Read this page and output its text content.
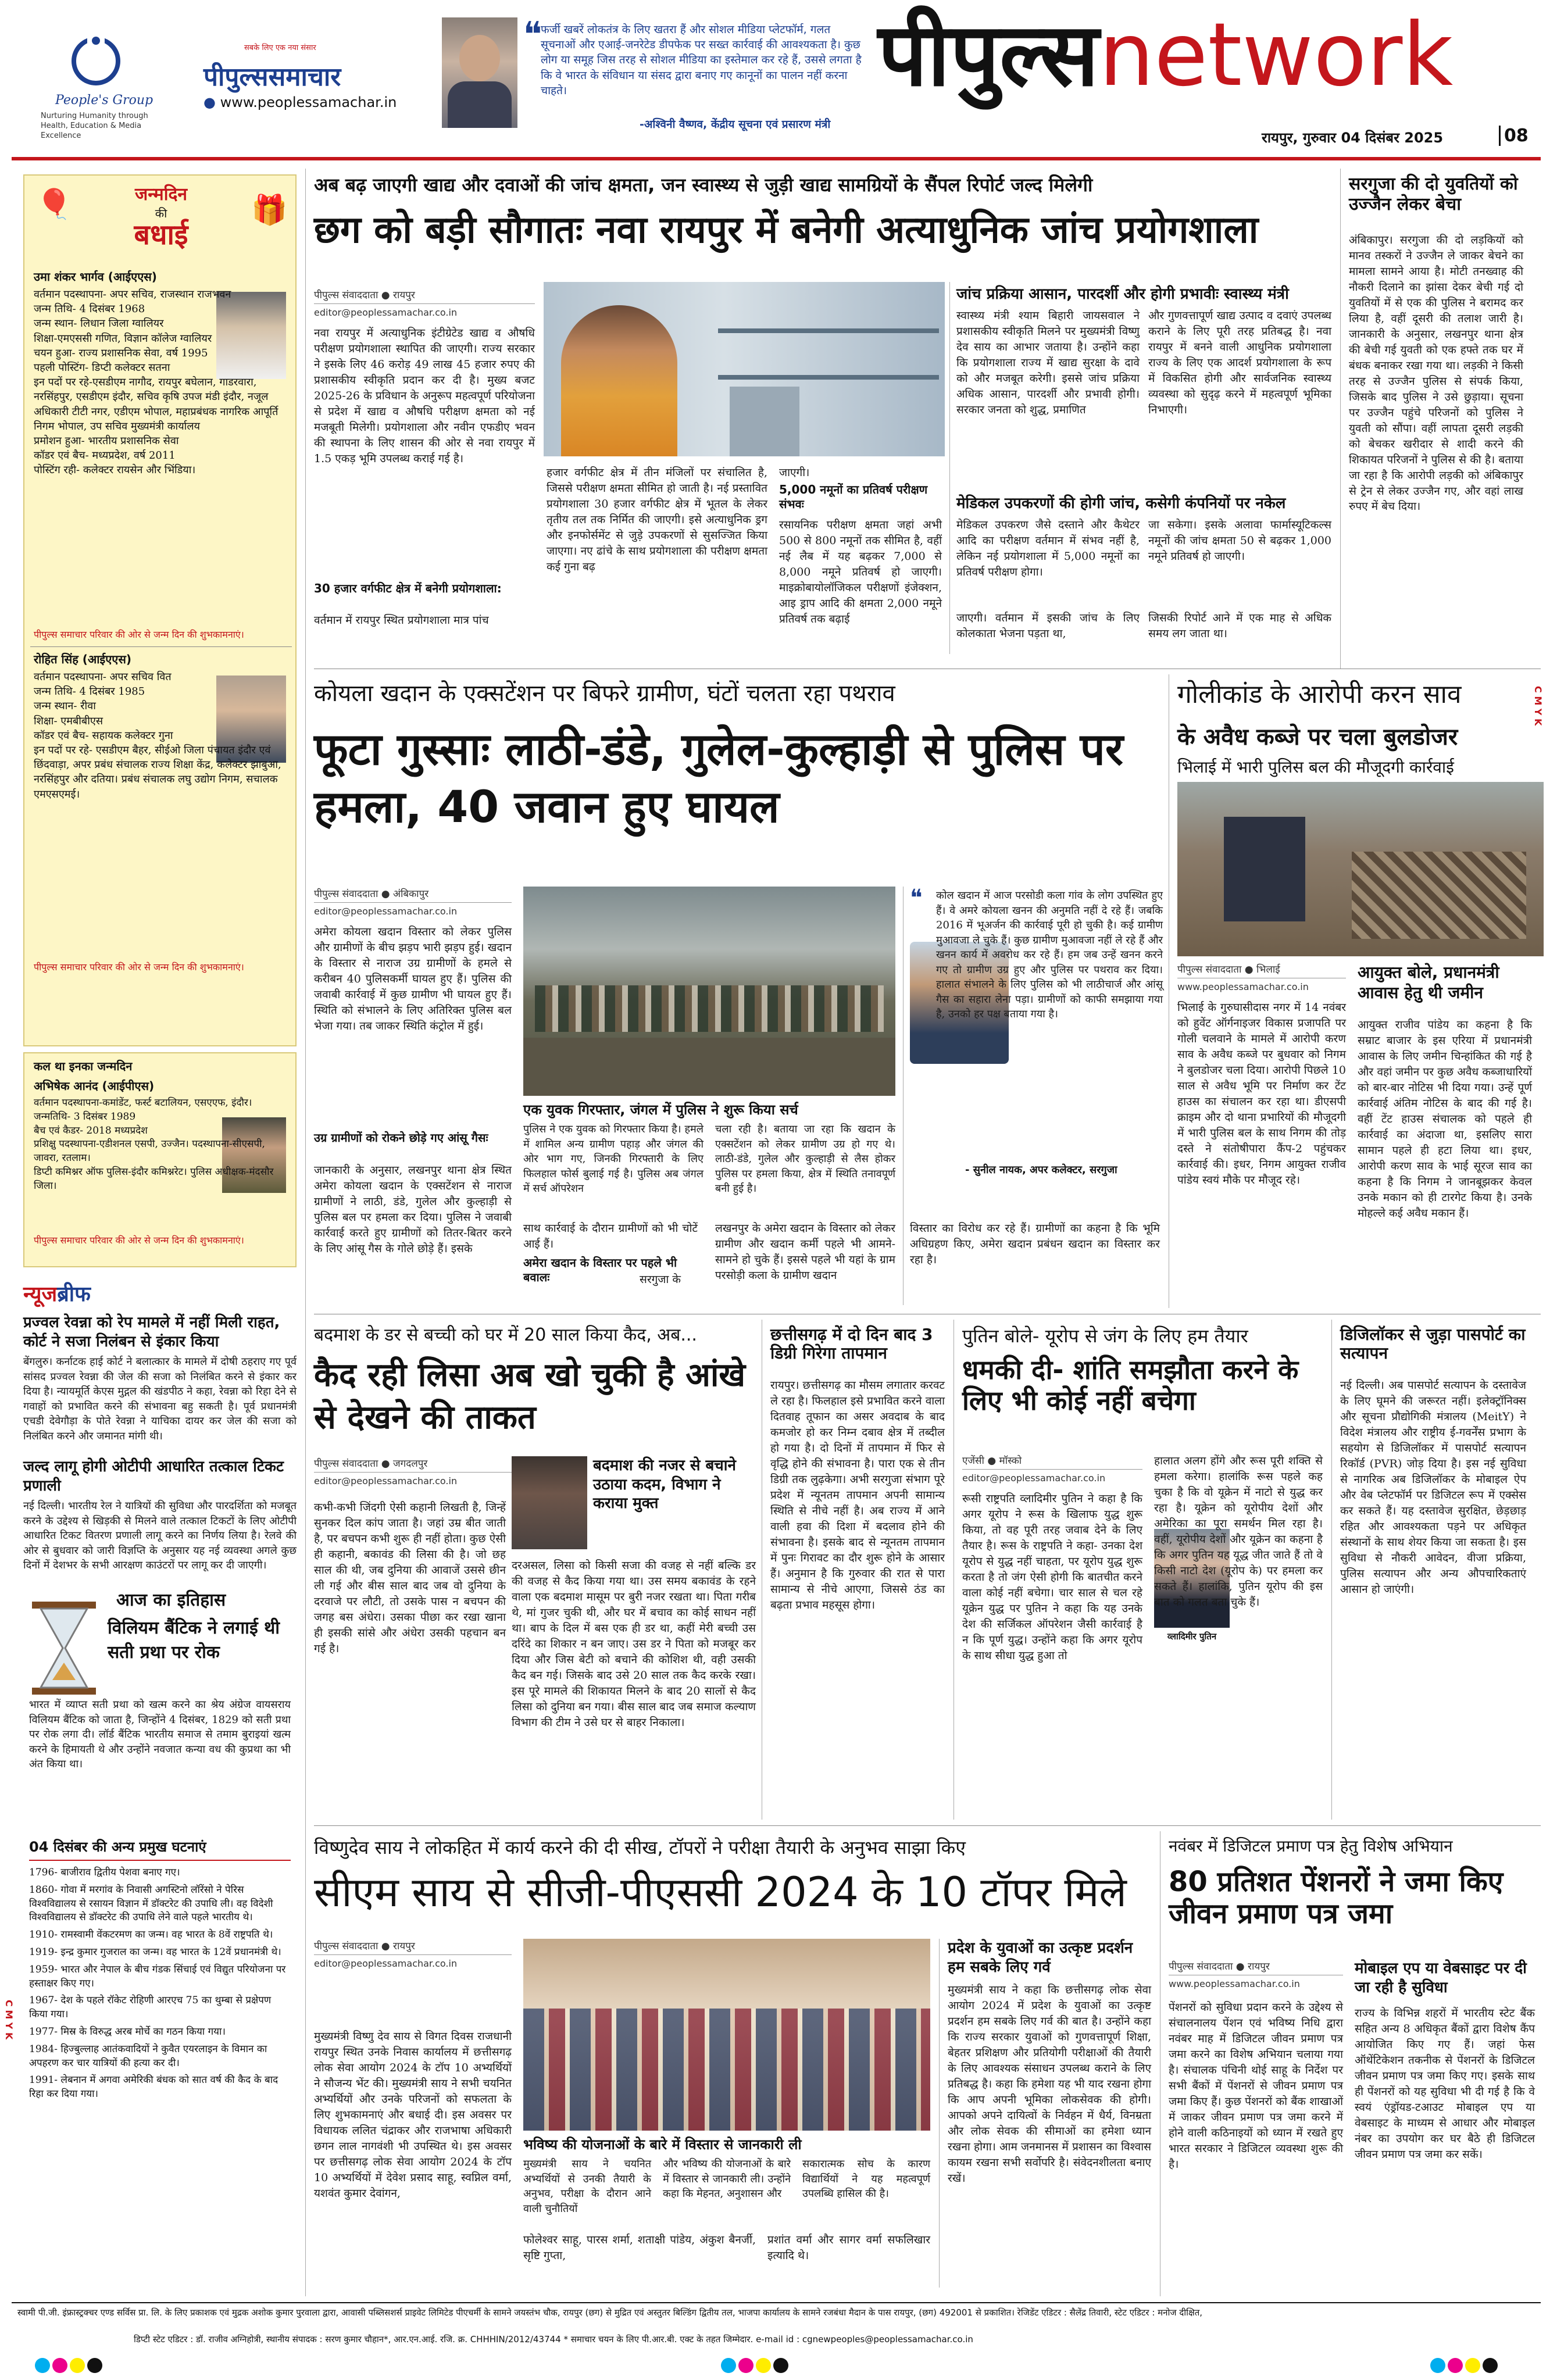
People's Group
Nurturing Humanity through Health, Education & Media Excellence
सबके लिए एक नया संसार
पीपुल्ससमाचार
● www.peoplessamachar.in
❝
फर्जी खबरें लोकतंत्र के लिए खतरा हैं और सोशल मीडिया प्लेटफॉर्म, गलत सूचनाओं और एआई-जनरेटेड डीपफेक पर सख्त कार्रवाई की आवश्यकता है। कुछ लोग या समूह जिस तरह से सोशल मीडिया का इस्तेमाल कर रहे हैं, उससे लगता है कि वे भारत के संविधान या संसद द्वारा बनाए गए कानूनों का पालन नहीं करना चाहते।
-अश्विनी वैष्णव, केंद्रीय सूचना एवं प्रसारण मंत्री
पीपुल्सnetwork
रायपुर, गुरुवार 04 दिसंबर 2025	08
जन्मदिन
की
बधाई
🎈	🎁
उमा शंकर भार्गव (आईएएस)
वर्तमान पदस्थापना- अपर सचिव, राजस्थान राजभवन
जन्म तिथि- 4 दिसंबर 1968
जन्म स्थान- लिधान जिला ग्वालियर
शिक्षा-एमएससी गणित, विज्ञान कॉलेज ग्वालियर
चयन हुआ- राज्य प्रशासनिक सेवा, वर्ष 1995
पहली पोस्टिंग- डिप्टी कलेक्टर सतना
इन पदों पर रहे-एसडीएम नागौद, रायपुर बघेलान, गाडरवारा, नरसिंहपुर, एसडीएम इंदौर, सचिव कृषि उपज मंडी इंदौर, नजूल अधिकारी टीटी नगर, एडीएम भोपाल, महाप्रबंधक नागरिक आपूर्ति निगम भोपाल, उप सचिव मुख्यमंत्री कार्यालय
प्रमोशन हुआ- भारतीय प्रशासनिक सेवा
कॉडर एवं बैच- मध्यप्रदेश, वर्ष 2011
पोस्टिंग रही- कलेक्टर रायसेन और भिंडिया।
पीपुल्स समाचार परिवार की ओर से जन्म दिन की शुभकामनाएं।
रोहित सिंह (आईएएस)
वर्तमान पदस्थापना- अपर सचिव वित
जन्म तिथि- 4 दिसंबर 1985
जन्म स्थान- रीवा
शिक्षा- एमबीबीएस
कॉडर एवं बैच- सहायक कलेक्टर गुना
इन पदों पर रहे- एसडीएम बैहर, सीईओ जिला पंचायत इंदौर एवं छिंदवाड़ा, अपर प्रबंध संचालक राज्य शिक्षा केंद्र, कलेक्टर झाबुआ, नरसिंहपुर और दतिया। प्रबंध संचालक लघु उद्योग निगम, सचालक एमएसएमई।
पीपुल्स समाचार परिवार की ओर से जन्म दिन की शुभकामनाएं।
कल था इनका जन्मदिन
अभिषेक आनंद (आईपीएस)
वर्तमान पदस्थापना-कमांडेंट, फर्स्ट बटालियन, एसएएफ, इंदौर।
जन्मतिथि- 3 दिसंबर 1989
बैच एवं कैडर- 2018 मध्यप्रदेश
प्रशिक्षु पदस्थापना-एडीशनल एसपी, उज्जैन। पदस्थापना-सीएसपी, जावरा, रतलाम।
डिप्टी कमिश्नर ऑफ पुलिस-इंदौर कमिश्नरेट। पुलिस अधीक्षक-मंदसौर जिला।
पीपुल्स समाचार परिवार की ओर से जन्म दिन की शुभकामनाएं।
न्यूजब्रीफ
प्रज्वल रेवन्ना को रेप मामले में नहीं मिली राहत, कोर्ट ने सजा निलंबन से इंकार किया
बेंगलुरु। कर्नाटक हाई कोर्ट ने बलात्कार के मामले में दोषी ठहराए गए पूर्व सांसद प्रज्वल रेवन्ना की जेल की सजा को निलंबित करने से इंकार कर दिया है। न्यायमूर्ति केएस मुद्गल की खंडपीठ ने कहा, रेवन्ना को रिहा देने से गवाहों को प्रभावित करने की संभावना बहु सकती है। पूर्व प्रधानमंत्री एचडी देवेगौड़ा के पोते रेवन्ना ने याचिका दायर कर जेल की सजा को निलंबित करने और जमानत मांगी थी।
जल्द लागू होगी ओटीपी आधारित तत्काल टिकट प्रणाली
नई दिल्ली। भारतीय रेल ने यात्रियों की सुविधा और पारदर्शिता को मजबूत करने के उद्देश्य से खिड़की से मिलने वाले तत्काल टिकटों के लिए ओटीपी आधारित टिकट वितरण प्रणाली लागू करने का निर्णय लिया है। रेलवे की ओर से बुधवार को जारी विज्ञप्ति के अनुसार यह नई व्यवस्था अगले कुछ दिनों में देशभर के सभी आरक्षण काउंटरों पर लागू कर दी जाएगी।
आज का इतिहास
विलियम बैंटिक ने लगाई थी सती प्रथा पर रोक
भारत में व्याप्त सती प्रथा को खत्म करने का श्रेय अंग्रेज वायसराय विलियम बैंटिक को जाता है, जिन्होंने 4 दिसंबर, 1829 को सती प्रथा पर रोक लगा दी। लॉर्ड बैंटिक भारतीय समाज से तमाम बुराइयां खत्म करने के हिमायती थे और उन्होंने नवजात कन्या वध की कुप्रथा का भी अंत किया था।
04 दिसंबर की अन्य प्रमुख घटनाएं
1796- बाजीराव द्वितीय पेशवा बनाए गए।
1860- गोवा में मरगांव के निवासी अगस्टिनो लॉरेंसो ने पेरिस विश्वविद्यालय से रसायन विज्ञान में डॉक्टरेट की उपाधि ली। वह विदेशी विश्वविद्यालय से डॉक्टरेट की उपाधि लेने वाले पहले भारतीय थे।
1910- रामस्वामी वेंकटरमण का जन्म। वह भारत के 8वें राष्ट्रपति थे।
1919- इन्द्र कुमार गुजराल का जन्म। वह भारत के 12वें प्रधानमंत्री थे।
1959- भारत और नेपाल के बीच गंडक सिंचाई एवं विद्युत परियोजना पर हस्ताक्षर किए गए।
1967- देश के पहले रॉकेट रोहिणी आरएच 75 का थुम्बा से प्रक्षेपण किया गया।
1977- मिस्र के विरुद्ध अरब मोर्चे का गठन किया गया।
1984- हिज्बुल्लाह आतंकवादियों ने कुवैत एयरलाइन के विमान का अपहरण कर चार यात्रियों की हत्या कर दी।
1991- लेबनान में अगवा अमेरिकी बंधक को सात वर्ष की कैद के बाद रिहा कर दिया गया।
अब बढ़ जाएगी खाद्य और दवाओं की जांच क्षमता, जन स्वास्थ्य से जुड़ी खाद्य सामग्रियों के सैंपल रिपोर्ट जल्द मिलेगी
छग को बड़ी सौगातः नवा रायपुर में बनेगी अत्याधुनिक जांच प्रयोगशाला
पीपुल्स संवाददाता ● रायपुर
editor@peoplessamachar.co.in
नवा रायपुर में अत्याधुनिक इंटीग्रेटेड खाद्य व औषधि परीक्षण प्रयोगशाला स्थापित की जाएगी। राज्य सरकार ने इसके लिए 46 करोड़ 49 लाख 45 हजार रुपए की प्रशासकीय स्वीकृति प्रदान कर दी है। मुख्य बजट 2025-26 के प्रविधान के अनुरूप महत्वपूर्ण परियोजना से प्रदेश में खाद्य व औषधि परीक्षण क्षमता को नई मजबूती मिलेगी। प्रयोगशाला और नवीन एफडीए भवन की स्थापना के लिए शासन की ओर से नवा रायपुर में 1.5 एकड़ भूमि उपलब्ध कराई गई है।
30 हजार वर्गफीट क्षेत्र में बनेगी प्रयोगशाला:
वर्तमान में रायपुर स्थित प्रयोगशाला मात्र पांच
हजार वर्गफीट क्षेत्र में तीन मंजिलों पर संचालित है, जिससे परीक्षण क्षमता सीमित हो जाती है। नई प्रस्तावित प्रयोगशाला 30 हजार वर्गफीट क्षेत्र में भूतल के लेकर तृतीय तल तक निर्मित की जाएगी। इसे अत्याधुनिक ड्रग और इनफोर्समेंट से जुड़े उपकरणों से सुसज्जित किया जाएगा। नए ढांचे के साथ प्रयोगशाला की परीक्षण क्षमता कई गुना बढ़
जाएगी।
5,000 नमूनों का प्रतिवर्ष परीक्षण संभवः
रसायनिक परीक्षण क्षमता जहां अभी 500 से 800 नमूनों तक सीमित है, वहीं नई लैब में यह बढ़कर 7,000 से 8,000 नमूने प्रतिवर्ष हो जाएगी। माइक्रोबायोलॉजिकल परीक्षणों इंजेक्शन, आइ ड्राप आदि की क्षमता 2,000 नमूने प्रतिवर्ष तक बढ़ाई
जांच प्रक्रिया आसान, पारदर्शी और होगी प्रभावीः स्वास्थ्य मंत्री
स्वास्थ्य मंत्री श्याम बिहारी जायसवाल ने प्रशासकीय स्वीकृति मिलने पर मुख्यमंत्री विष्णु देव साय का आभार जताया है। उन्होंने कहा कि प्रयोगशाला राज्य में खाद्य सुरक्षा के दावे को और मजबूत करेगी। इससे जांच प्रक्रिया अधिक आसान, पारदर्शी और प्रभावी होगी। सरकार जनता को शुद्ध, प्रमाणित
और गुणवत्तापूर्ण खाद्य उत्पाद व दवाएं उपलब्ध कराने के लिए पूरी तरह प्रतिबद्ध है। नवा रायपुर में बनने वाली आधुनिक प्रयोगशाला राज्य के लिए एक आदर्श प्रयोगशाला के रूप में विकसित होगी और सार्वजनिक स्वास्थ्य व्यवस्था को सुदृढ़ करने में महत्वपूर्ण भूमिका निभाएगी।
मेडिकल उपकरणों की होगी जांच, कसेगी कंपनियों पर नकेल
मेडिकल उपकरण जैसे दस्ताने और कैथेटर आदि का परीक्षण वर्तमान में संभव नहीं है, लेकिन नई प्रयोगशाला में 5,000 नमूनों का प्रतिवर्ष परीक्षण होगा।
जा सकेगा। इसके अलावा फार्मास्यूटिकल्स नमूनों की जांच क्षमता 50 से बढ़कर 1,000 नमूने प्रतिवर्ष हो जाएगी।
जाएगी। वर्तमान में इसकी जांच के लिए कोलकाता भेजना पड़ता था,
जिसकी रिपोर्ट आने में एक माह से अधिक समय लग जाता था।
सरगुजा की दो युवतियों को उज्जैन लेकर बेचा
अंबिकापुर। सरगुजा की दो लड़कियों को मानव तस्करों ने उज्जैन ले जाकर बेचने का मामला सामने आया है। मोटी तनख्वाह की नौकरी दिलाने का झांसा देकर बेची गई दो युवतियों में से एक की पुलिस ने बरामद कर लिया है, वहीं दूसरी की तलाश जारी है। जानकारी के अनुसार, लखनपुर थाना क्षेत्र की बेची गई युवती को एक हफ्ते तक घर में बंधक बनाकर रखा गया था। लड़की ने किसी तरह से उज्जैन पुलिस से संपर्क किया, जिसके बाद पुलिस ने उसे छुड़ाया। सूचना पर उज्जैन पहुंचे परिजनों को पुलिस ने युवती को सौंपा। वहीं लापता दूसरी लड़की को बेचकर खरीदार से शादी करने की शिकायत परिजनों ने पुलिस से की है। बताया जा रहा है कि आरोपी लड़की को अंबिकापुर से ट्रेन से लेकर उज्जैन गए, और वहां लाख रुपए में बेच दिया।
कोयला खदान के एक्सटेंशन पर बिफरे ग्रामीण, घंटों चलता रहा पथराव
फूटा गुस्साः लाठी-डंडे, गुलेल-कुल्हाड़ी से पुलिस पर हमला, 40 जवान हुए घायल
पीपुल्स संवाददाता ● अंबिकापुर
editor@peoplessamachar.co.in
अमेरा कोयला खदान विस्तार को लेकर पुलिस और ग्रामीणों के बीच झड़प भारी झड़प हुई। खदान के विस्तार से नाराज उग्र ग्रामीणों के हमले से करीबन 40 पुलिसकर्मी घायल हुए हैं। पुलिस की जवाबी कार्रवाई में कुछ ग्रामीण भी घायल हुए हैं। स्थिति को संभालने के लिए अतिरिक्त पुलिस बल भेजा गया। तब जाकर स्थिति कंट्रोल में हुई।
उग्र ग्रामीणों को रोकने छोड़े गए आंसू गैसः
जानकारी के अनुसार, लखनपुर थाना क्षेत्र स्थित अमेरा कोयला खदान के एक्सटेंशन से नाराज ग्रामीणों ने लाठी, डंडे, गुलेल और कुल्हाड़ी से पुलिस बल पर हमला कर दिया। पुलिस ने जवाबी कार्रवाई करते हुए ग्रामीणों को तितर-बितर करने के लिए आंसू गैस के गोले छोड़े हैं। इसके
एक युवक गिरफ्तार, जंगल में पुलिस ने शुरू किया सर्च
पुलिस ने एक युवक को गिरफ्तार किया है। हमले में शामिल अन्य ग्रामीण पहाड़ और जंगल की ओर भाग गए, जिनकी गिरफ्तारी के लिए फिलहाल फोर्स बुलाई गई है। पुलिस अब जंगल में सर्च ऑपरेशन
चला रही है। बताया जा रहा कि खदान के एक्सटेंशन को लेकर ग्रामीण उग्र हो गए थे। लाठी-डंडे, गुलेल और कुल्हाड़ी से लैस होकर पुलिस पर हमला किया, क्षेत्र में स्थिति तनावपूर्ण बनी हुई है।
साथ कार्रवाई के दौरान ग्रामीणों को भी चोटें आई हैं।
अमेरा खदान के विस्तार पर पहले भी बवालः	सरगुजा के
लखनपुर के अमेरा खदान के विस्तार को लेकर ग्रामीण और खदान कर्मी पहले भी आमने-सामने हो चुके हैं। इससे पहले भी यहां के ग्राम परसोड़ी कला के ग्रामीण खदान
❝ कोल खदान में आज परसोडी कला गांव के लोग उपस्थित हुए हैं। वे अमरे कोयला खनन की अनुमति नहीं दे रहे हैं। जबकि 2016 में भूअर्जन की कार्रवाई पूरी हो चुकी है। कई ग्रामीण मुआवजा ले चुके हैं। कुछ ग्रामीण मुआवजा नहीं ले रहे हैं और खनन कार्य में अवरोध कर रहे हैं। हम जब उन्हें खनन करने गए तो ग्रामीण उग्र हुए और पुलिस पर पथराव कर दिया। हालात संभालने के लिए पुलिस को भी लाठीचार्ज और आंसू गैस का सहारा लेना पड़ा। ग्रामीणों को काफी समझाया गया है, उनको हर पक्ष बताया गया है।
- सुनील नायक, अपर कलेक्टर, सरगुजा
विस्तार का विरोध कर रहे हैं। ग्रामीणों का कहना है कि भूमि अधिग्रहण किए, अमेरा खदान प्रबंधन खदान का विस्तार कर रहा है।
गोलीकांड के आरोपी करन साव
के अवैध कब्जे पर चला बुलडोजर
भिलाई में भारी पुलिस बल की मौजूदगी कार्रवाई
पीपुल्स संवाददाता ● भिलाई
www.peoplessamachar.co.in
भिलाई के गुरुघासीदास नगर में 14 नवंबर को हुवेंट ऑर्गनाइजर विकास प्रजापति पर गोली चलवाने के मामले में आरोपी करण साव के अवैध कब्जे पर बुधवार को निगम ने बुलडोजर चला दिया। आरोपी पिछले 10 साल से अवैध भूमि पर निर्माण कर टेंट हाउस का संचालन कर रहा था। डीएसपी क्राइम और दो थाना प्रभारियों की मौजूदगी में भारी पुलिस बल के साथ निगम की तोड़ दस्ते ने संतोषीपारा कैंप-2 पहुंचकर कार्रवाई की। इधर, निगम आयुक्त राजीव पांडेय स्वयं मौके पर मौजूद रहे।
आयुक्त बोले, प्रधानमंत्री आवास हेतु थी जमीन
आयुक्त राजीव पांडेय का कहना है कि सम्राट बाजार के इस एरिया में प्रधानमंत्री आवास के लिए जमीन चिन्हांकित की गई है और वहां जमीन पर कुछ अवैध कब्जाधारियों को बार-बार नोटिस भी दिया गया। उन्हें पूर्ण कार्रवाई अंतिम नोटिस के बाद की गई है। वहीं टेंट हाउस संचालक को पहले ही कार्रवाई का अंदाजा था, इसलिए सारा सामान पहले ही हटा लिया था। इधर, आरोपी करण साव के भाई सूरज साव का कहना है कि निगम ने जानबूझकर केवल उनके मकान को ही टारगेट किया है। उनके मोहल्ले कई अवैध मकान हैं।
बदमाश के डर से बच्ची को घर में 20 साल किया कैद, अब...
कैद रही लिसा अब खो चुकी है आंखे से देखने की ताकत
पीपुल्स संवाददाता ● जगदलपुर
editor@peoplessamachar.co.in
कभी-कभी जिंदगी ऐसी कहानी लिखती है, जिन्हें सुनकर दिल कांप जाता है। जहां उम्र बीत जाती है, पर बचपन कभी शुरू ही नहीं होता। कुछ ऐसी ही कहानी, बकावंड की लिसा की है। जो छह साल की थी, जब दुनिया की आवाजें उससे छीन ली गई और बीस साल बाद जब वो दुनिया के दरवाजे पर लौटी, तो उसके पास न बचपन की जगह बस अंधेरा। उसका पीछा कर रखा खाना ही इसकी सांसे और अंधेरा उसकी पहचान बन गई है।
बदमाश की नजर से बचाने उठाया कदम, विभाग ने कराया मुक्त
दरअसल, लिसा को किसी सजा की वजह से नहीं बल्कि डर की वजह से कैद किया गया था। उस समय बकावंड के रहने वाला एक बदमाश मासूम पर बुरी नजर रखता था। पिता गरीब थे, मां गुजर चुकी थी, और घर में बचाव का कोई साधन नहीं था। बाप के दिल में बस एक ही डर था, कहीं मेरी बच्ची उस दरिंदे का शिकार न बन जाए। उस डर ने पिता को मजबूर कर दिया और जिस बेटी को बचाने की कोशिश थी, वही उसकी कैद बन गई। जिसके बाद उसे 20 साल तक कैद करके रखा। इस पूरे मामले की शिकायत मिलने के बाद 20 सालों से कैद लिसा को दुनिया बन गया। बीस साल बाद जब समाज कल्याण विभाग की टीम ने उसे घर से बाहर निकाला।
छत्तीसगढ़ में दो दिन बाद 3 डिग्री गिरेगा तापमान
रायपुर। छत्तीसगढ़ का मौसम लगातार करवट ले रहा है। फिलहाल इसे प्रभावित करने वाला दितवाह तूफान का असर अवदाब के बाद कमजोर हो कर निम्न दबाव क्षेत्र में तब्दील हो गया है। दो दिनों में तापमान में फिर से वृद्धि होने की संभावना है। पारा एक से तीन डिग्री तक लुढ़केगा। अभी सरगुजा संभाग पूरे प्रदेश में न्यूनतम तापमान अपनी सामान्य स्थिति से नीचे नहीं है। अब राज्य में आने वाली हवा की दिशा में बदलाव होने की संभावना है। इसके बाद से न्यूनतम तापमान में पुनः गिरावट का दौर शुरू होने के आसार हैं। अनुमान है कि गुरुवार की रात से पारा सामान्य से नीचे आएगा, जिससे ठंड का बढ़ता प्रभाव महसूस होगा।
पुतिन बोले- यूरोप से जंग के लिए हम तैयार
धमकी दी- शांति समझौता करने के लिए भी कोई नहीं बचेगा
एजेंसी ● मॉस्को
editor@peoplessamachar.co.in
रूसी राष्ट्रपति व्लादिमीर पुतिन ने कहा है कि अगर यूरोप ने रूस के खिलाफ युद्ध शुरू किया, तो वह पूरी तरह जवाब देने के लिए तैयार है। रूस के राष्ट्रपति ने कहा- उनका देश यूरोप से युद्ध नहीं चाहता, पर यूरोप युद्ध शुरू करता है तो जंग ऐसी होगी कि बातचीत करने वाला कोई नहीं बचेगा। चार साल से चल रहे यूक्रेन युद्ध पर पुतिन ने कहा कि यह उनके देश की सर्जिकल ऑपरेशन जैसी कार्रवाई है न कि पूर्ण युद्ध। उन्होंने कहा कि अगर यूरोप के साथ सीधा युद्ध हुआ तो
व्लादिमीर पुतिन
हालात अलग होंगे और रूस पूरी शक्ति से हमला करेगा। हालांकि रूस पहले कह चुका है कि वो यूक्रेन में नाटो से युद्ध कर रहा है। यूक्रेन को यूरोपीय देशों और अमेरिका का पूरा समर्थन मिल रहा है। वहीं, यूरोपीय देशों और यूक्रेन का कहना है कि अगर पुतिन यह यूद्ध जीत जाते हैं तो वे किसी नाटो देश (यूरोप के) पर हमला कर सकते हैं। हालांकि, पुतिन यूरोप की इस बात को गलत बता चुके हैं।
डिजिलॉकर से जुड़ा पासपोर्ट का सत्यापन
नई दिल्ली। अब पासपोर्ट सत्यापन के दस्तावेज के लिए घूमने की जरूरत नहीं। इलेक्ट्रॉनिक्स और सूचना प्रौद्योगिकी मंत्रालय (MeitY) ने विदेश मंत्रालय और राष्ट्रीय ई-गवर्नेंस प्रभाग के सहयोग से डिजिलॉकर में पासपोर्ट सत्यापन रिकॉर्ड (PVR) जोड़ दिया है। इस नई सुविधा से नागरिक अब डिजिलॉकर के मोबाइल ऐप और वेब प्लेटफॉर्म पर डिजिटल रूप में एक्सेस कर सकते हैं। यह दस्तावेज सुरक्षित, छेड़छाड़ रहित और आवश्यकता पड़ने पर अधिकृत संस्थानों के साथ शेयर किया जा सकता है। इस सुविधा से नौकरी आवेदन, वीजा प्रक्रिया, पुलिस सत्यापन और अन्य औपचारिकताएं आसान हो जाएंगी।
विष्णुदेव साय ने लोकहित में कार्य करने की दी सीख, टॉपरों ने परीक्षा तैयारी के अनुभव साझा किए
सीएम साय से सीजी-पीएससी 2024 के 10 टॉपर मिले
पीपुल्स संवाददाता ● रायपुर
editor@peoplessamachar.co.in
मुख्यमंत्री विष्णु देव साय से विगत दिवस राजधानी रायपुर स्थित उनके निवास कार्यालय में छत्तीसगढ़ लोक सेवा आयोग 2024 के टॉप 10 अभ्यर्थियों ने सौजन्य भेंट की। मुख्यमंत्री साय ने सभी चयनित अभ्यर्थियों और उनके परिजनों को सफलता के लिए शुभकामनाएं और बधाई दी। इस अवसर पर विधायक ललित चंद्राकर और राजभाषा अधिकारी छगन लाल नागवंशी भी उपस्थित थे। इस अवसर पर छत्तीसगढ़ लोक सेवा आयोग 2024 के टॉप 10 अभ्यर्थियों में देवेश प्रसाद साहू, स्वप्निल वर्मा, यशवंत कुमार देवांगन,
भविष्य की योजनाओं के बारे में विस्तार से जानकारी ली
मुख्यमंत्री साय ने चयनित अभ्यर्थियों से उनकी तैयारी के अनुभव, परीक्षा के दौरान आने वाली चुनौतियों
और भविष्य की योजनाओं के बारे में विस्तार से जानकारी ली। उन्होंने कहा कि मेहनत, अनुशासन और
सकारात्मक सोच के कारण विद्यार्थियों ने यह महत्वपूर्ण उपलब्धि हासिल की है।
फोलेश्वर साहू, पारस शर्मा, शताक्षी पांडेय, अंकुश बैनर्जी, सृष्टि गुप्ता,
प्रशांत वर्मा और सागर वर्मा सफलिखार इत्यादि थे।
प्रदेश के युवाओं का उत्कृष्ट प्रदर्शन हम सबके लिए गर्व
मुख्यमंत्री साय ने कहा कि छत्तीसगढ़ लोक सेवा आयोग 2024 में प्रदेश के युवाओं का उत्कृष्ट प्रदर्शन हम सबके लिए गर्व की बात है। उन्होंने कहा कि राज्य सरकार युवाओं को गुणवत्तापूर्ण शिक्षा, बेहतर प्रशिक्षण और प्रतियोगी परीक्षाओं की तैयारी के लिए आवश्यक संसाधन उपलब्ध कराने के लिए प्रतिबद्ध है। कहा कि हमेशा यह भी याद रखना होगा कि आप अपनी भूमिका लोकसेवक की होगी। आपको अपने दायित्वों के निर्वहन में धैर्य, विनम्रता और लोक सेवक की सीमाओं का हमेशा ध्यान रखना होगा। आम जनमानस में प्रशासन का विश्वास कायम रखना सभी सर्वोपरि है। संवेदनशीलता बनाए रखें।
नवंबर में डिजिटल प्रमाण पत्र हेतु विशेष अभियान
80 प्रतिशत पेंशनरों ने जमा किए जीवन प्रमाण पत्र जमा
पीपुल्स संवाददाता ● रायपुर
www.peoplessamachar.co.in
मोबाइल एप या वेबसाइट पर दी जा रही है सुविधा
पेंशनरों को सुविधा प्रदान करने के उद्देश्य से संचालनालय पेंशन एवं भविष्य निधि द्वारा नवंबर माह में डिजिटल जीवन प्रमाण पत्र जमा करने का विशेष अभियान चलाया गया है। संचालक पंचिनी थोई साहू के निर्देश पर सभी बैंकों में पेंशनरों से जीवन प्रमाण पत्र जमा किए हैं। कुछ पेंशनरों को बैंक शाखाओं में जाकर जीवन प्रमाण पत्र जमा करने में होने वाली कठिनाइयों को ध्यान में रखते हुए भारत सरकार ने डिजिटल व्यवस्था शुरू की है।
राज्य के विभिन्न शहरों में भारतीय स्टेट बैंक सहित अन्य 8 अधिकृत बैंकों द्वारा विशेष कैंप आयोजित किए गए हैं। जहां फेस ऑथेंटिकेशन तकनीक से पेंशनरों के डिजिटल जीवन प्रमाण पत्र जमा किए गए। इसके साथ ही पेंशनरों को यह सुविधा भी दी गई है कि वे स्वयं एंड्रॉयड-टआउट मोबाइल एप या वेबसाइट के माध्यम से आधार और मोबाइल नंबर का उपयोग कर घर बैठे ही डिजिटल जीवन प्रमाण पत्र जमा कर सकें।
स्वामी पी.जी. इंफ्रास्ट्रक्चर एण्ड सर्विस प्रा. लि. के लिए प्रकाशक एवं मुद्रक अशोक कुमार पुरवाला द्वारा, आवासी पब्लिसशर्स प्राइवेट लिमिटेड पीएचर्मी के सामने जयस्तंभ चौक, रायपुर (छग) से मुद्रित एवं अस्तुतर बिल्डिंग द्वितीय तल, भाजपा कार्यालय के सामने रजबंधा मैदान के पास रायपुर, (छग) 492001 से प्रकाशित। रेजिडेंट एडिटर : सैलेंद्र तिवारी, स्टेट एडिटर : मनोज दीक्षित,
डिप्टी स्टेट एडिटर : डॉ. राजीव अग्निहोत्री, स्थानीय संपादक : सरण कुमार चौहान*, आर.एन.आई. रजि. क्र. CHHHIN/2012/43744 * समाचार चयन के लिए पी.आर.बी. एक्ट के तहत जिम्मेदार. e-mail id : cgnewpeoples@peoplessamachar.co.in
C M Y K
C M Y K
